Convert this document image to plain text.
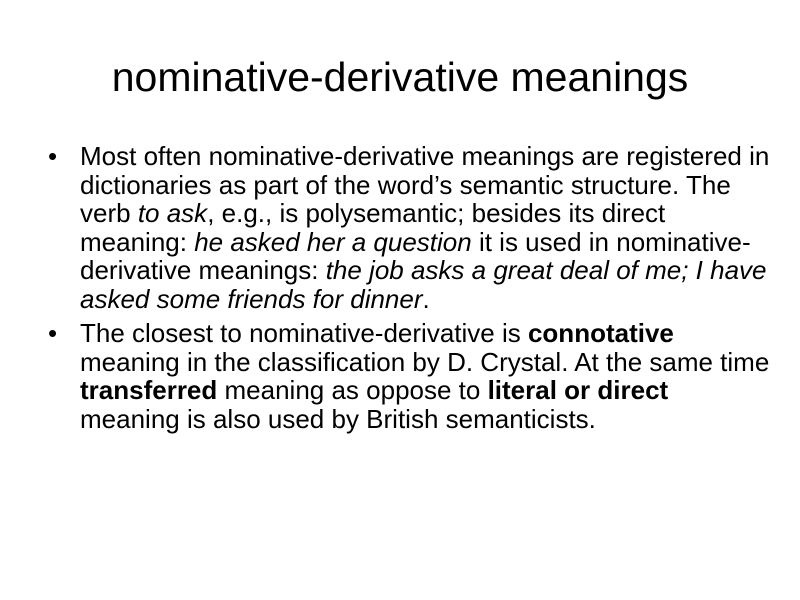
nominative-derivative meanings
• Most often nominative-derivative meanings are registered in dictionaries as part of the word’s semantic structure. The verb to ask, e.g., is polysemantic; besides its direct meaning: he asked her a question it is used in nominative-derivative meanings: the job asks a great deal of me; I have asked some friends for dinner.
• The closest to nominative-derivative is connotative meaning in the classification by D. Crystal. At the same time transferred meaning as oppose to literal or direct meaning is also used by British semanticists.
